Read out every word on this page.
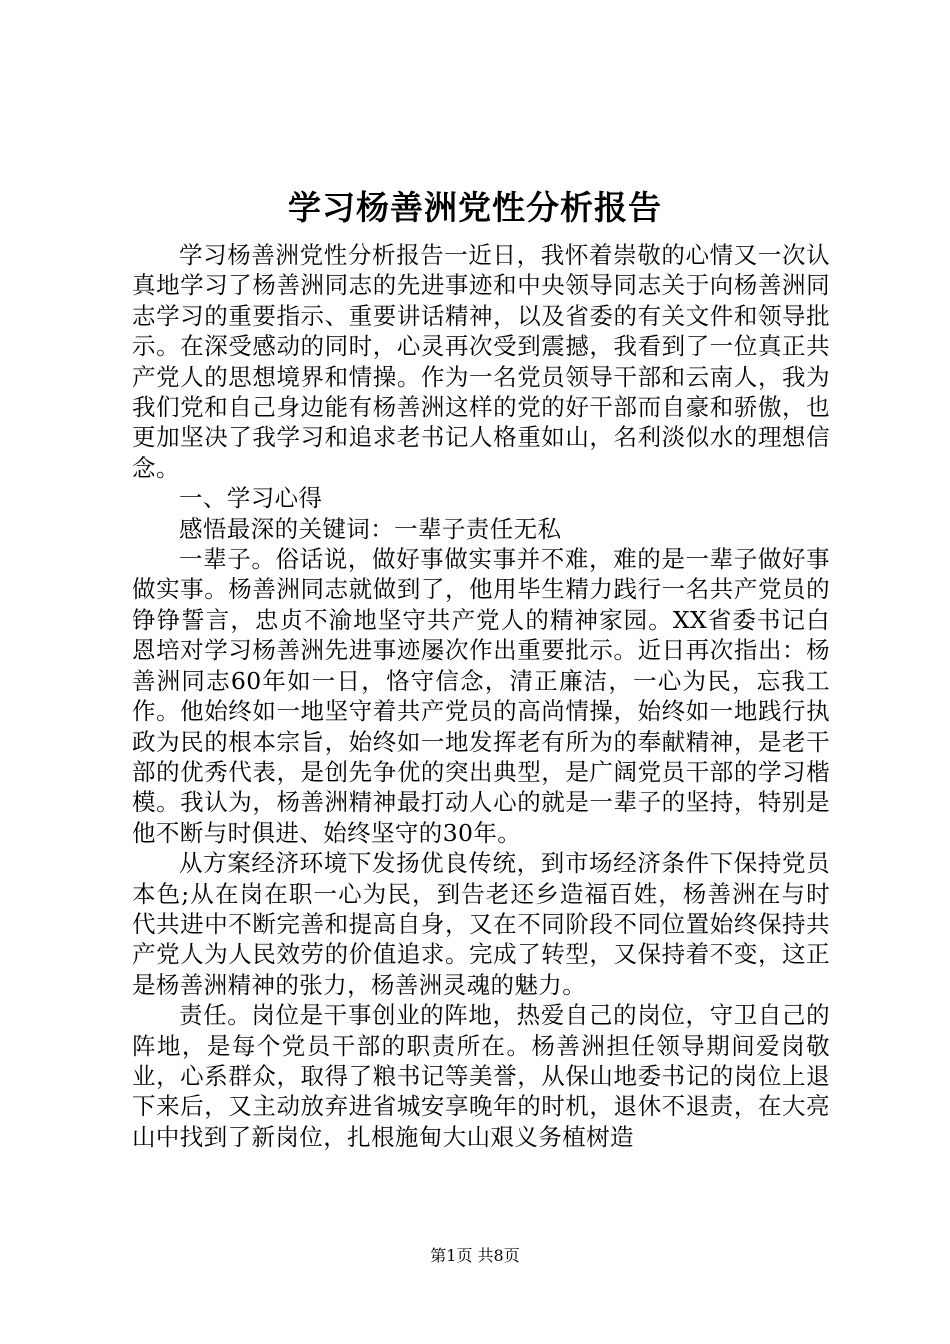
学习杨善洲党性分析报告

学习杨善洲党性分析报告一近日，我怀着崇敬的心情又一次认真地学习了杨善洲同志的先进事迹和中央领导同志关于向杨善洲同志学习的重要指示、重要讲话精神，以及省委的有关文件和领导批示。在深受感动的同时，心灵再次受到震撼，我看到了一位真正共产党人的思想境界和情操。作为一名党员领导干部和云南人，我为我们党和自己身边能有杨善洲这样的党的好干部而自豪和骄傲，也更加坚决了我学习和追求老书记人格重如山，名利淡似水的理想信念。

一、学习心得

感悟最深的关键词：一辈子责任无私

一辈子。俗话说，做好事做实事并不难，难的是一辈子做好事做实事。杨善洲同志就做到了，他用毕生精力践行一名共产党员的铮铮誓言，忠贞不渝地坚守共产党人的精神家园。XX省委书记白恩培对学习杨善洲先进事迹屡次作出重要批示。近日再次指出：杨善洲同志60年如一日，恪守信念，清正廉洁，一心为民，忘我工作。他始终如一地坚守着共产党员的高尚情操，始终如一地践行执政为民的根本宗旨，始终如一地发挥老有所为的奉献精神，是老干部的优秀代表，是创先争优的突出典型，是广阔党员干部的学习楷模。我认为，杨善洲精神最打动人心的就是一辈子的坚持，特别是他不断与时俱进、始终坚守的30年。

从方案经济环境下发扬优良传统，到市场经济条件下保持党员本色;从在岗在职一心为民，到告老还乡造福百姓，杨善洲在与时代共进中不断完善和提高自身，又在不同阶段不同位置始终保持共产党人为人民效劳的价值追求。完成了转型，又保持着不变，这正是杨善洲精神的张力，杨善洲灵魂的魅力。

责任。岗位是干事创业的阵地，热爱自己的岗位，守卫自己的阵地，是每个党员干部的职责所在。杨善洲担任领导期间爱岗敬业，心系群众，取得了粮书记等美誉，从保山地委书记的岗位上退下来后，又主动放弃进省城安享晚年的时机，退休不退责，在大亮山中找到了新岗位，扎根施甸大山艰义务植树造

第1页 共8页
